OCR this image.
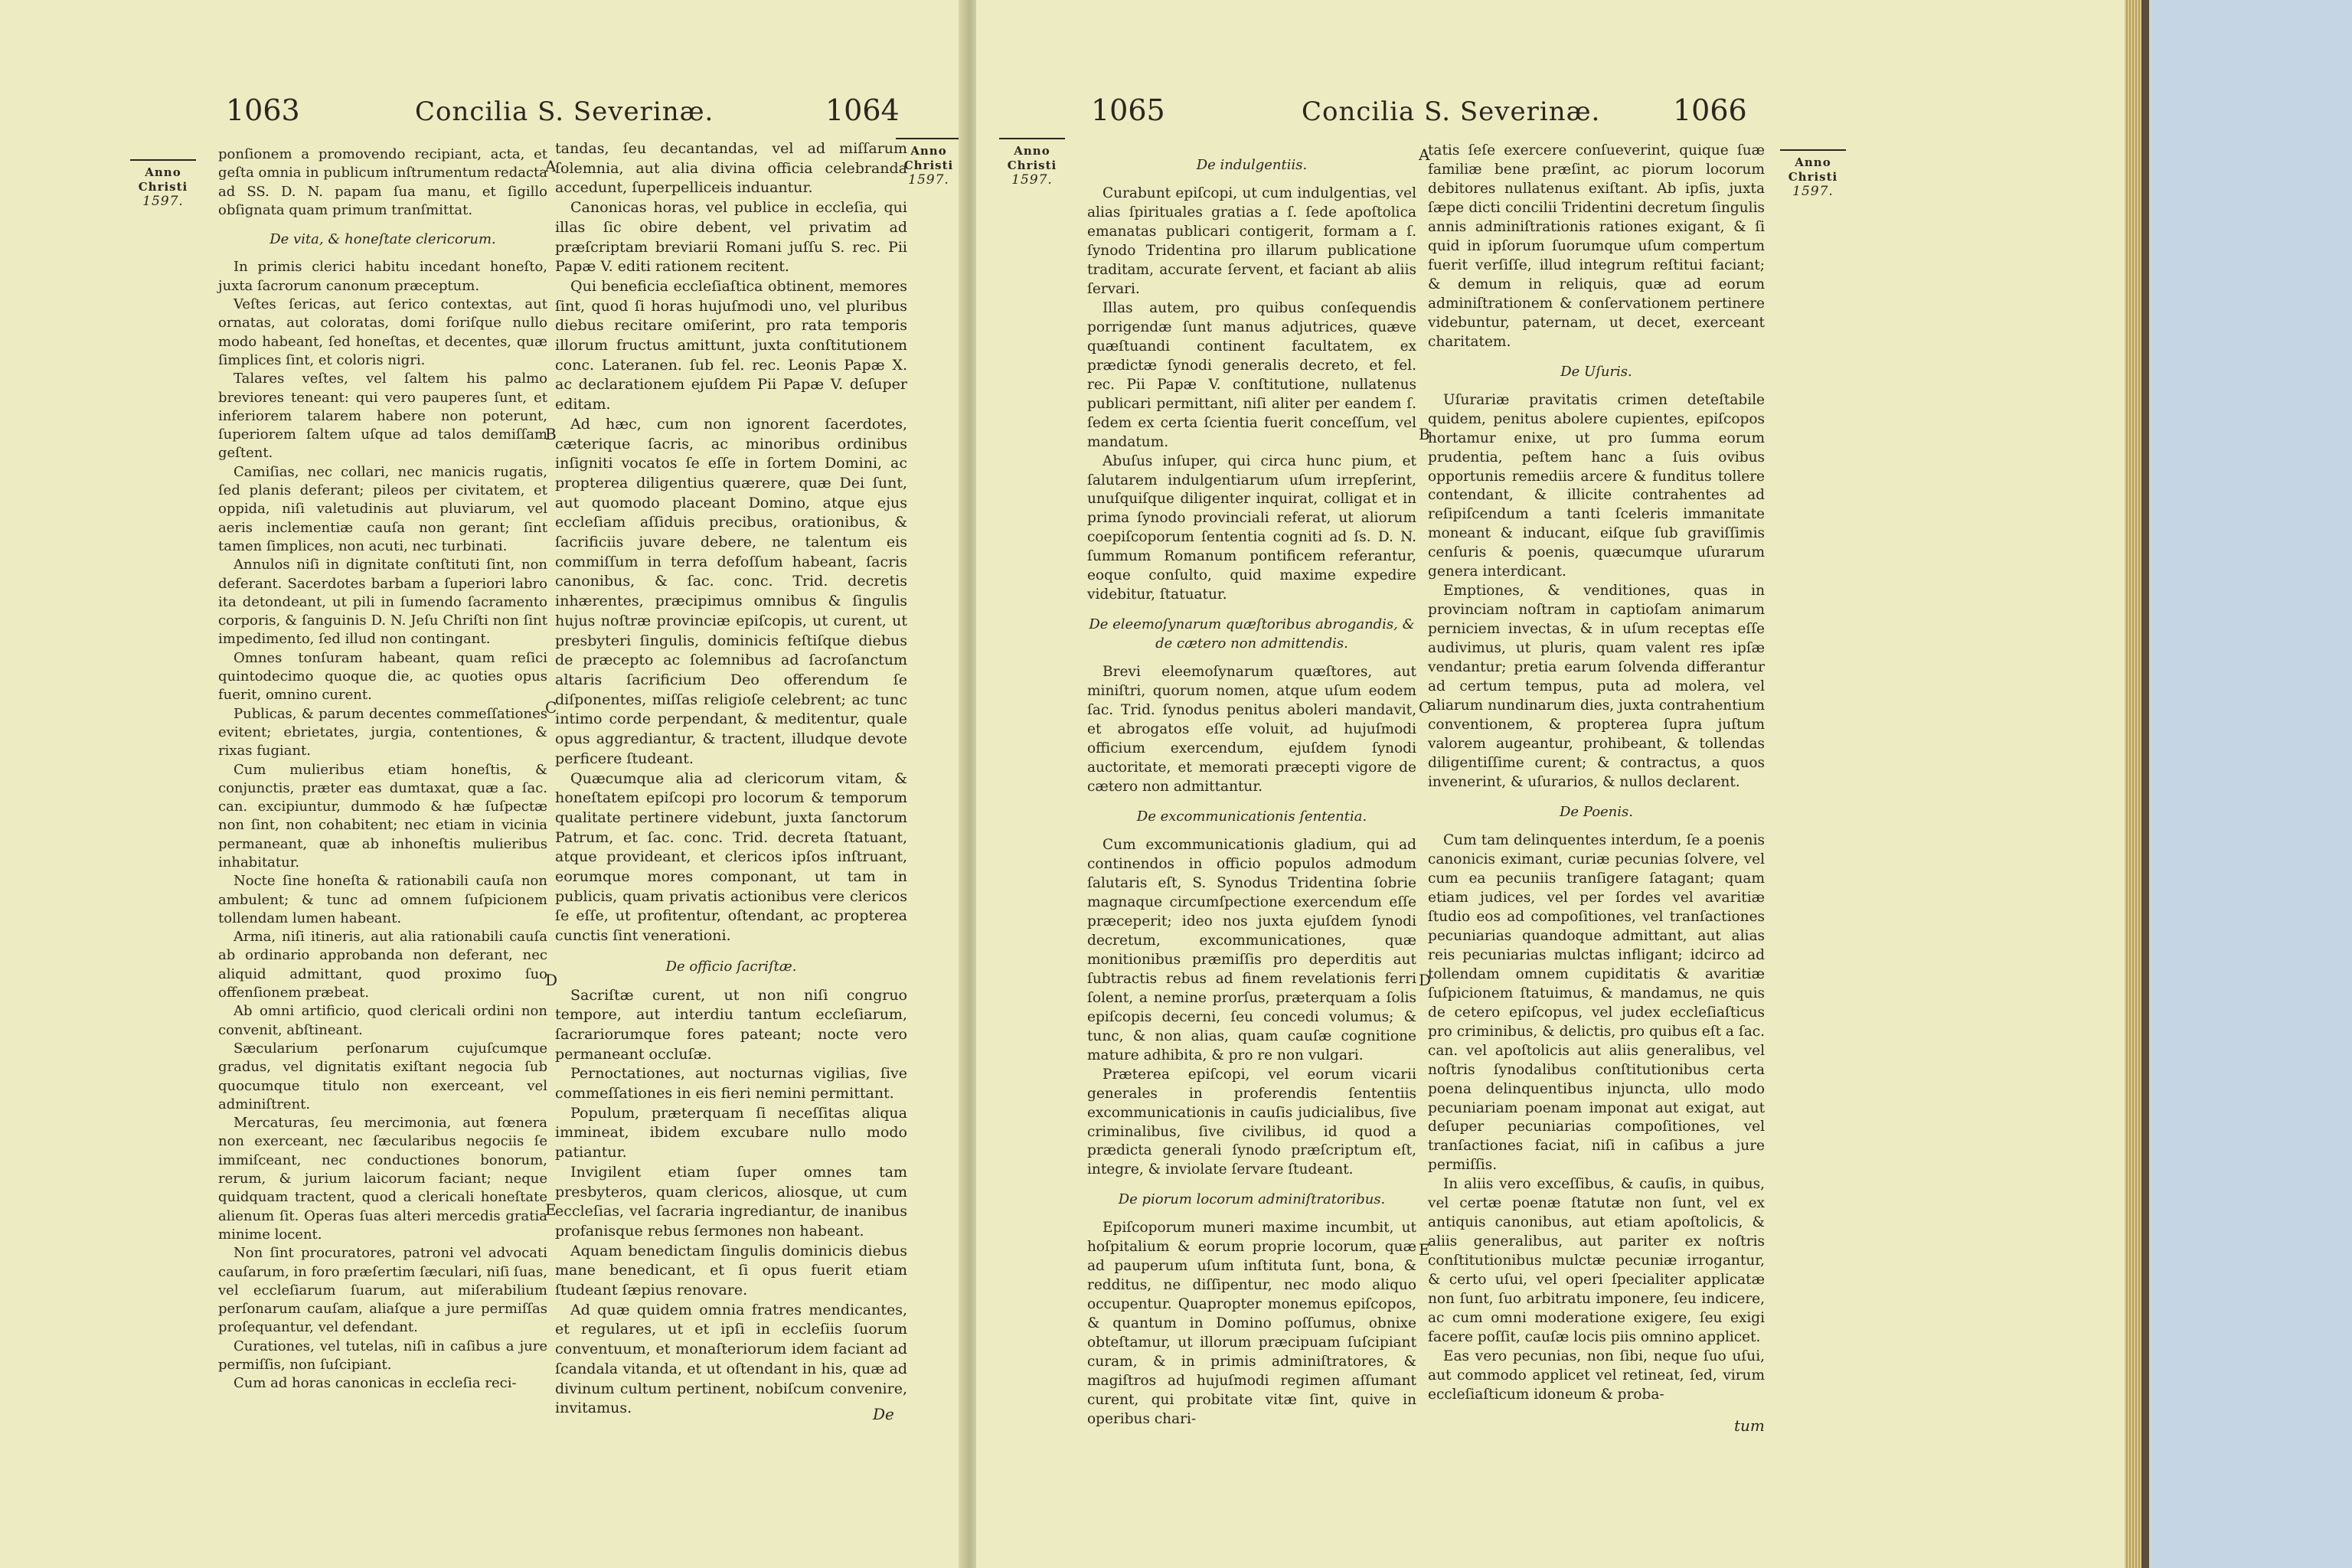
1063	Concilia S. Severinæ.	1064
Anno
Christi
1597.
Anno
Christi
1597.

ponſionem a promovendo recipiant, acta, et geſta omnia in publicum inſtrumentum redacta ad SS. D. N. papam ſua manu, et ſigillo obſignata quam primum tranſmittat.

De vita, & honeſtate clericorum.

In primis clerici habitu incedant honeſto, juxta ſacrorum canonum præceptum.

Veſtes ſericas, aut ſerico contextas, aut ornatas, aut coloratas, domi foriſque nullo modo habeant, ſed honeſtas, et decentes, quæ ſimplices ſint, et coloris nigri.

Talares veſtes, vel ſaltem his palmo breviores teneant: qui vero pauperes ſunt, et inferiorem talarem habere non poterunt, ſuperiorem ſaltem uſque ad talos demiſſam geſtent.

Camiſias, nec collari, nec manicis rugatis, ſed planis deferant; pileos per civitatem, et oppida, niſi valetudinis aut pluviarum, vel aeris inclementiæ cauſa non gerant; ſint tamen ſimplices, non acuti, nec turbinati.

Annulos niſi in dignitate conſtituti ſint, non deferant. Sacerdotes barbam a ſuperiori labro ita detondeant, ut pili in ſumendo ſacramento corporis, & ſanguinis D. N. Jeſu Chriſti non ſint impedimento, ſed illud non contingant.

Omnes tonſuram habeant, quam reſici quintodecimo quoque die, ac quoties opus fuerit, omnino curent.

Publicas, & parum decentes commeſſationes evitent; ebrietates, jurgia, contentiones, & rixas fugiant.

Cum mulieribus etiam honeſtis, & conjunctis, præter eas dumtaxat, quæ a ſac. can. excipiuntur, dummodo & hæ ſuſpectæ non ſint, non cohabitent; nec etiam in vicinia permaneant, quæ ab inhoneſtis mulieribus inhabitatur.

Nocte ſine honeſta & rationabili cauſa non ambulent; & tunc ad omnem ſuſpicionem tollendam lumen habeant.

Arma, niſi itineris, aut alia rationabili cauſa ab ordinario approbanda non deferant, nec aliquid admittant, quod proximo ſuo offenſionem præbeat.

Ab omni artificio, quod clericali ordini non convenit, abſtineant.

Sæcularium perſonarum cujuſcumque gradus, vel dignitatis exiſtant negocia ſub quocumque titulo non exerceant, vel adminiſtrent.

Mercaturas, ſeu mercimonia, aut fœnera non exerceant, nec ſæcularibus negociis ſe immiſceant, nec conductiones bonorum, rerum, & jurium laicorum faciant; neque quidquam tractent, quod a clericali honeſtate alienum ſit. Operas ſuas alteri mercedis gratia minime locent.

Non ſint procuratores, patroni vel advocati cauſarum, in foro præſertim ſæculari, niſi ſuas, vel eccleſiarum ſuarum, aut miſerabilium perſonarum cauſam, aliaſque a jure permiſſas proſequantur, vel defendant.

Curationes, vel tutelas, niſi in caſibus a jure permiſſis, non ſuſcipiant.

Cum ad horas canonicas in eccleſia reci-

tandas, ſeu decantandas, vel ad miſſarum ſolemnia, aut alia divina officia celebranda accedunt, ſuperpelliceis induantur.

Canonicas horas, vel publice in eccleſia, qui illas ſic obire debent, vel privatim ad præſcriptam breviarii Romani juſſu S. rec. Pii Papæ V. editi rationem recitent.

Qui beneficia eccleſiaſtica obtinent, memores ſint, quod ſi horas hujuſmodi uno, vel pluribus diebus recitare omiſerint, pro rata temporis illorum fructus amittunt, juxta conſtitutionem conc. Lateranen. ſub fel. rec. Leonis Papæ X. ac declarationem ejuſdem Pii Papæ V. deſuper editam.

Ad hæc, cum non ignorent ſacerdotes, cæterique ſacris, ac minoribus ordinibus inſigniti vocatos ſe eſſe in ſortem Domini, ac propterea diligentius quærere, quæ Dei ſunt, aut quomodo placeant Domino, atque ejus eccleſiam aſſiduis precibus, orationibus, & ſacrificiis juvare debere, ne talentum eis commiſſum in terra defoſſum habeant, ſacris canonibus, & ſac. conc. Trid. decretis inhærentes, præcipimus omnibus & ſingulis hujus noſtræ provinciæ epiſcopis, ut curent, ut presbyteri ſingulis, dominicis feſtiſque diebus de præcepto ac ſolemnibus ad ſacroſanctum altaris ſacrificium Deo offerendum ſe diſponentes, miſſas religioſe celebrent; ac tunc intimo corde perpendant, & meditentur, quale opus aggrediantur, & tractent, illudque devote perficere ſtudeant.

Quæcumque alia ad clericorum vitam, & honeſtatem epiſcopi pro locorum & temporum qualitate pertinere videbunt, juxta ſanctorum Patrum, et ſac. conc. Trid. decreta ſtatuant, atque provideant, et clericos ipſos inſtruant, eorumque mores componant, ut tam in publicis, quam privatis actionibus vere clericos ſe eſſe, ut profitentur, oſtendant, ac propterea cunctis ſint venerationi.

De officio ſacriſtæ.

Sacriſtæ curent, ut non niſi congruo tempore, aut interdiu tantum eccleſiarum, ſacrariorumque fores pateant; nocte vero permaneant occluſæ.

Pernoctationes, aut nocturnas vigilias, ſive commeſſationes in eis fieri nemini permittant.

Populum, præterquam ſi neceſſitas aliqua immineat, ibidem excubare nullo modo patiantur.

Invigilent etiam ſuper omnes tam presbyteros, quam clericos, aliosque, ut cum eccleſias, vel ſacraria ingrediantur, de inanibus profanisque rebus ſermones non habeant.

Aquam benedictam ſingulis dominicis diebus mane benedicant, et ſi opus fuerit etiam ſtudeant ſæpius renovare.

Ad quæ quidem omnia fratres mendicantes, et regulares, ut et ipſi in eccleſiis ſuorum conventuum, et monaſteriorum idem faciant ad ſcandala vitanda, et ut oſtendant in his, quæ ad divinum cultum pertinent, nobiſcum convenire, invitamus.

A
B
C
D
E
De
1065	Concilia S. Severinæ. 1066
Anno
Christi
1597.
Anno
Christi
1597.
De indulgentiis.

Curabunt epiſcopi, ut cum indulgentias, vel alias ſpirituales gratias a ſ. ſede apoſtolica emanatas publicari contigerit, formam a ſ. ſynodo Tridentina pro illarum publicatione traditam, accurate ſervent, et faciant ab aliis ſervari.

Illas autem, pro quibus conſequendis porrigendæ ſunt manus adjutrices, quæve quæſtuandi continent facultatem, ex prædictæ ſynodi generalis decreto, et fel. rec. Pii Papæ V. conſtitutione, nullatenus publicari permittant, niſi aliter per eandem ſ. ſedem ex certa ſcientia fuerit conceſſum, vel mandatum.

Abuſus inſuper, qui circa hunc pium, et ſalutarem indulgentiarum uſum irrepſerint, unuſquiſque diligenter inquirat, colligat et in prima ſynodo provinciali referat, ut aliorum coepiſcoporum ſententia cogniti ad ſs. D. N. ſummum Romanum pontificem referantur, eoque conſulto, quid maxime expedire videbitur, ſtatuatur.

De eleemoſynarum quæſtoribus abrogandis, & de cætero non admittendis.

Brevi eleemoſynarum quæſtores, aut miniſtri, quorum nomen, atque uſum eodem ſac. Trid. ſynodus penitus aboleri mandavit, et abrogatos eſſe voluit, ad hujuſmodi officium exercendum, ejuſdem ſynodi auctoritate, et memorati præcepti vigore de cætero non admittantur.

De excommunicationis ſententia.

Cum excommunicationis gladium, qui ad continendos in officio populos admodum ſalutaris eſt, S. Synodus Tridentina ſobrie magnaque circumſpectione exercendum eſſe præceperit; ideo nos juxta ejuſdem ſynodi decretum, excommunicationes, quæ monitionibus præmiſſis pro deperditis aut ſubtractis rebus ad finem revelationis ferri ſolent, a nemine prorſus, præterquam a ſolis epiſcopis decerni, ſeu concedi volumus; & tunc, & non alias, quam cauſæ cognitione mature adhibita, & pro re non vulgari.

Præterea epiſcopi, vel eorum vicarii generales in proferendis ſententiis excommunicationis in cauſis judicialibus, ſive criminalibus, ſive civilibus, id quod a prædicta generali ſynodo præſcriptum eſt, integre, & inviolate ſervare ſtudeant.

De piorum locorum adminiſtratoribus.

Epiſcoporum muneri maxime incumbit, ut hoſpitalium & eorum proprie locorum, quæ ad pauperum uſum inſtituta ſunt, bona, & redditus, ne diſſipentur, nec modo aliquo occupentur. Quapropter monemus epiſcopos, & quantum in Domino poſſumus, obnixe obteſtamur, ut illorum præcipuam ſuſcipiant curam, & in primis adminiſtratores, & magiſtros ad hujuſmodi regimen aſſumant curent, qui probitate vitæ ſint, quive in operibus chari-

tatis ſeſe exercere conſueverint, quique ſuæ familiæ bene præſint, ac piorum locorum debitores nullatenus exiſtant. Ab ipſis, juxta ſæpe dicti concilii Tridentini decretum ſingulis annis adminiſtrationis rationes exigant, & ſi quid in ipſorum ſuorumque uſum compertum fuerit verſiſſe, illud integrum reſtitui faciant; & demum in reliquis, quæ ad eorum adminiſtrationem & conſervationem pertinere videbuntur, paternam, ut decet, exerceant charitatem.

De Uſuris.

Uſurariæ pravitatis crimen deteſtabile quidem, penitus abolere cupientes, epiſcopos hortamur enixe, ut pro ſumma eorum prudentia, peſtem hanc a ſuis ovibus opportunis remediis arcere & funditus tollere contendant, & illicite contrahentes ad reſipiſcendum a tanti ſceleris immanitate moneant & inducant, eiſque ſub graviſſimis cenſuris & poenis, quæcumque uſurarum genera interdicant.

Emptiones, & venditiones, quas in provinciam noſtram in captioſam animarum perniciem invectas, & in uſum receptas eſſe audivimus, ut pluris, quam valent res ipſæ vendantur; pretia earum ſolvenda differantur ad certum tempus, puta ad molerа, vel aliarum nundinarum dies, juxta contrahentium conventionem, & propterea ſupra juſtum valorem augeantur, prohibeant, & tollendas diligentiſſime curent; & contractus, a quos invenerint, & uſurarios, & nullos declarent.

De Poenis.

Cum tam delinquentes interdum, ſe a poenis canonicis eximant, curiæ pecunias ſolvere, vel cum ea pecuniis tranſigere ſatagant; quam etiam judices, vel per ſordes vel avaritiæ ſtudio eos ad compoſitiones, vel tranſactiones pecuniarias quandoque admittant, aut alias reis pecuniarias mulctas infligant; idcirco ad tollendam omnem cupiditatis & avaritiæ ſuſpicionem ſtatuimus, & mandamus, ne quis de cetero epiſcopus, vel judex eccleſiaſticus pro criminibus, & delictis, pro quibus eſt a ſac. can. vel apoſtolicis aut aliis generalibus, vel noſtris ſynodalibus conſtitutionibus certa poena delinquentibus injuncta, ullo modo pecuniariam poenam imponat aut exigat, aut deſuper pecuniarias compoſitiones, vel tranſactiones faciat, niſi in caſibus a jure permiſſis.

In aliis vero exceſſibus, & cauſis, in quibus, vel certæ poenæ ſtatutæ non ſunt, vel ex antiquis canonibus, aut etiam apoſtolicis, & aliis generalibus, aut pariter ex noſtris conſtitutionibus mulctæ pecuniæ irrogantur, & certo uſui, vel operi ſpecialiter applicatæ non ſunt, ſuo arbitratu imponere, ſeu indicere, ac cum omni moderatione exigere, ſeu exigi facere poſſit, cauſæ locis piis omnino applicet.

Eas vero pecunias, non ſibi, neque ſuo uſui, aut commodo applicet vel retineat, ſed, virum eccleſiaſticum idoneum & proba-

A
B
C
D
E
tum
